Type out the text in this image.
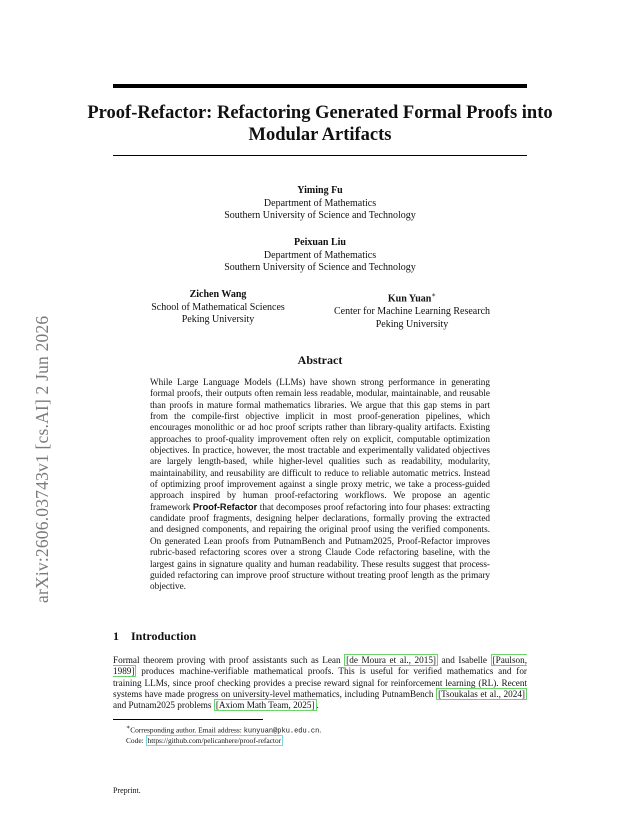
arXiv:2606.03743v1 [cs.AI] 2 Jun 2026
Proof-Refactor: Refactoring Generated Formal Proofs into Modular Artifacts
Yiming Fu
Department of Mathematics
Southern University of Science and Technology
Peixuan Liu
Department of Mathematics
Southern University of Science and Technology
Zichen Wang
School of Mathematical Sciences
Peking University
Kun Yuan∗
Center for Machine Learning Research
Peking University
Abstract

While Large Language Models (LLMs) have shown strong performance in generating formal proofs, their outputs often remain less readable, modular, maintainable, and reusable than proofs in mature formal mathematics libraries. We argue that this gap stems in part from the compile-first objective implicit in most proof-generation pipelines, which encourages monolithic or ad hoc proof scripts rather than library-quality artifacts. Existing approaches to proof-quality improvement often rely on explicit, computable optimization objectives. In practice, however, the most tractable and experimentally validated objectives are largely length-based, while higher-level qualities such as readability, modularity, maintainability, and reusability are difficult to reduce to reliable automatic metrics. Instead of optimizing proof improvement against a single proxy metric, we take a process-guided approach inspired by human proof-refactoring workflows. We propose an agentic framework Proof-Refactor that decomposes proof refactoring into four phases: extracting candidate proof fragments, designing helper declarations, formally proving the extracted and designed components, and repairing the original proof using the verified components. On generated Lean proofs from PutnamBench and Putnam2025, Proof-Refactor improves rubric-based refactoring scores over a strong Claude Code refactoring baseline, with the largest gains in signature quality and human readability. These results suggest that process-guided refactoring can improve proof structure without treating proof length as the primary objective.

1 Introduction

Formal theorem proving with proof assistants such as Lean [de Moura et al., 2015] and Isabelle [Paulson, 1989] produces machine-verifiable mathematical proofs. This is useful for verified mathematics and for training LLMs, since proof checking provides a precise reward signal for reinforcement learning (RL). Recent systems have made progress on university-level mathematics, including PutnamBench [Tsoukalas et al., 2024] and Putnam2025 problems [Axiom Math Team, 2025] .

∗Corresponding author. Email address: kunyuan@pku.edu.cn.
Code: https://github.com/pelicanhere/proof-refactor
Preprint.
